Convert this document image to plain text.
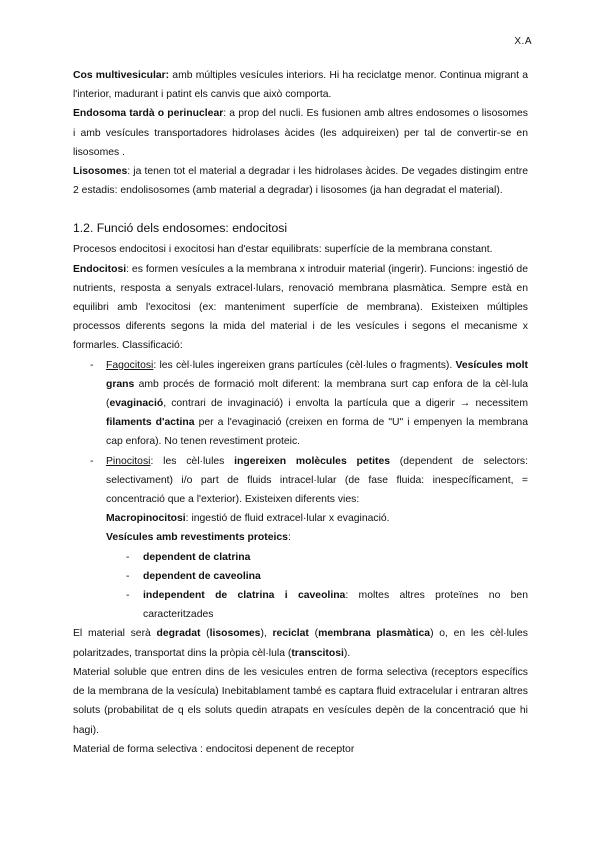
X.A

Cos multivesicular: amb múltiples vesícules interiors. Hi ha reciclatge menor. Continua migrant a l'interior, madurant i patint els canvis que això comporta.

Endosoma tardà o perinuclear: a prop del nucli. Es fusionen amb altres endosomes o lisosomes i amb vesícules transportadores hidrolases àcides (les adquireixen) per tal de convertir-se en lisosomes .

Lisosomes: ja tenen tot el material a degradar i les hidrolases àcides. De vegades distingim entre 2 estadis: endolisosomes (amb material a degradar) i lisosomes (ja han degradat el material).

1.2. Funció dels endosomes: endocitosi

Procesos endocitosi i exocitosi han d'estar equilibrats: superfície de la membrana constant.

Endocitosi: es formen vesícules a la membrana x introduir material (ingerir). Funcions: ingestió de nutrients, resposta a senyals extracel·lulars, renovació membrana plasmàtica. Sempre està en equilibri amb l'exocitosi (ex: manteniment superfície de membrana). Existeixen múltiples processos diferents segons la mida del material i de les vesícules i segons el mecanisme x formarles. Classificació:

- Fagocitosi: les cèl·lules ingereixen grans partícules (cèl·lules o fragments). Vesícules molt grans amb procés de formació molt diferent: la membrana surt cap enfora de la cèl·lula (evaginació, contrari de invaginació) i envolta la partícula que a digerir → necessitem filaments d'actina per a l'evaginació (creixen en forma de "U" i empenyen la membrana cap enfora). No tenen revestiment proteic.
- Pinocitosi: les cèl·lules ingereixen molècules petites (dependent de selectors: selectivament) i/o part de fluids intracel·lular (de fase fluida: inespecíficament, = concentració que a l'exterior). Existeixen diferents vies:
Macropinocitosi: ingestió de fluid extracel·lular x evaginació.
Vesícules amb revestiments proteics:
- dependent de clatrina
- dependent de caveolina
- independent de clatrina i caveolina: moltes altres proteïnes no ben caracteritzades

El material serà degradat (lisosomes), reciclat (membrana plasmàtica) o, en les cèl·lules polaritzades, transportat dins la pròpia cèl·lula (transcitosi).

Material soluble que entren dins de les vesicules entren de forma selectiva (receptors específics de la membrana de la vesícula) Inebitablament també es captara fluid extracelular i entraran altres soluts (probabilitat de q els soluts quedin atrapats en vesícules depèn de la concentració que hi hagi).

Material de forma selectiva : endocitosi depenent de receptor
